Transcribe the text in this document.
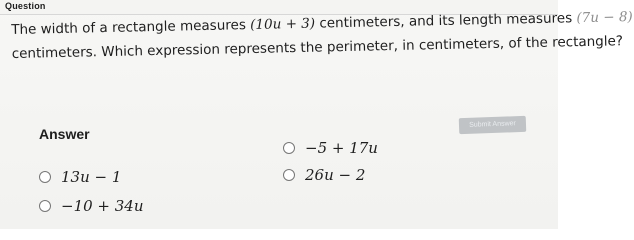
Question
The width of a rectangle measures (10u + 3) centimeters, and its length measures (7u − 8)
centimeters. Which expression represents the perimeter, in centimeters, of the rectangle?
Answer
Submit Answer
−5 + 17u
13u − 1	26u − 2
−10 + 34u
